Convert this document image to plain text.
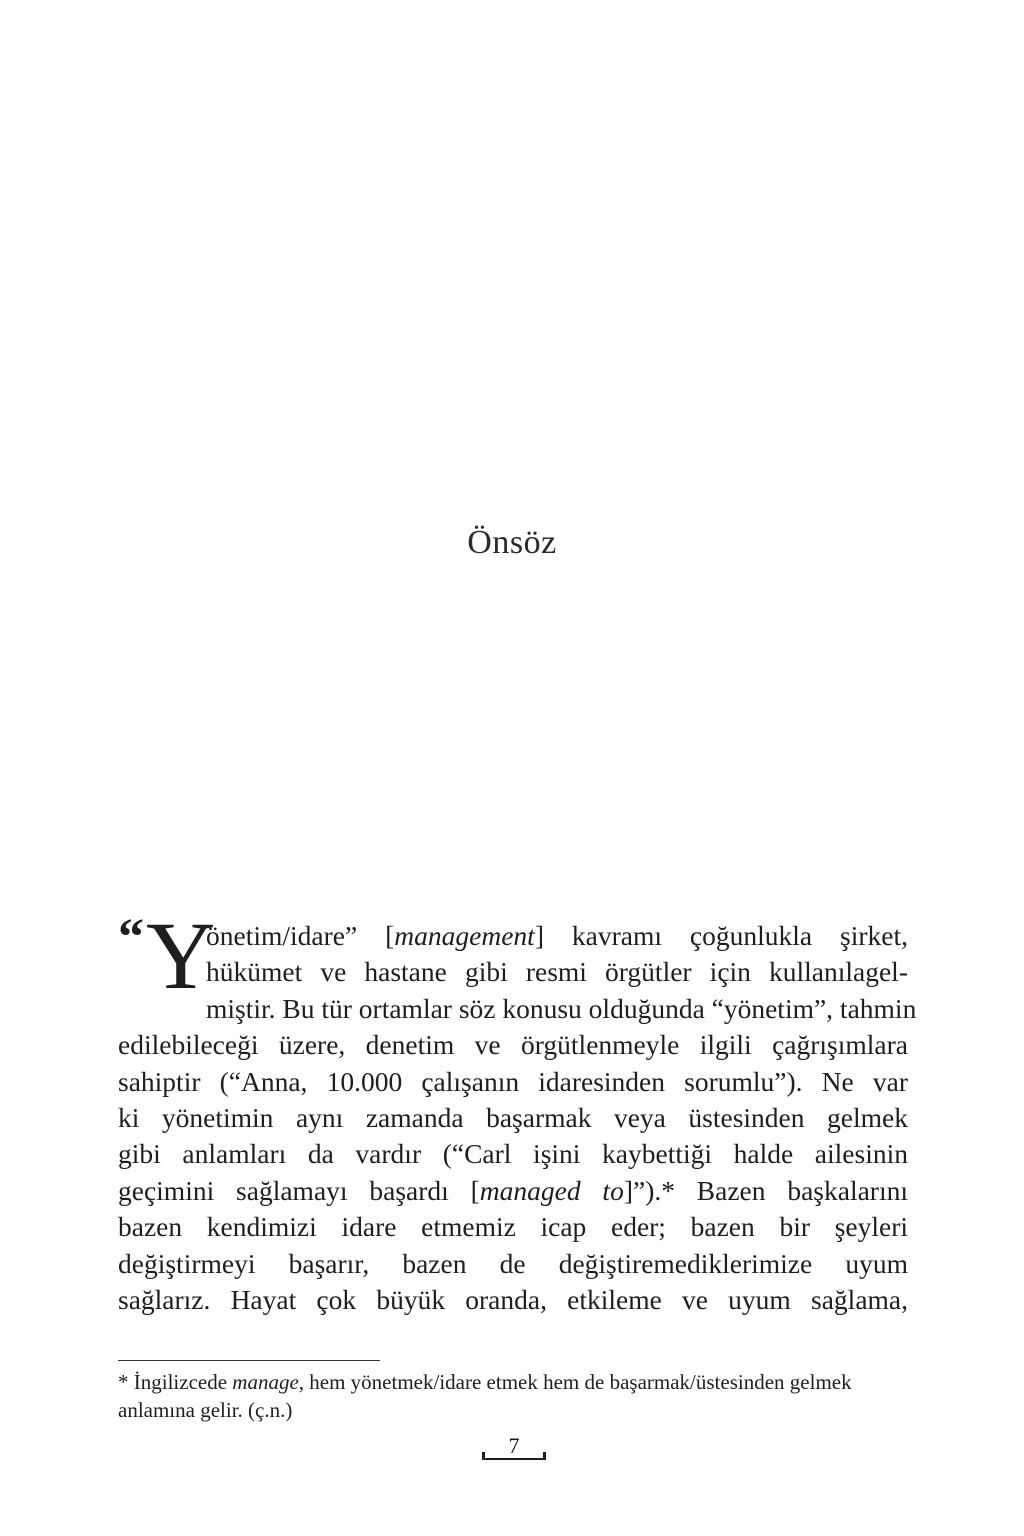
Önsöz
“ Y
önetim/idare” [management] kavramı çoğunlukla şirket,
hükümet ve hastane gibi resmi örgütler için kullanılagel-
miştir. Bu tür ortamlar söz konusu olduğunda “yönetim”, tahmin
edilebileceği üzere, denetim ve örgütlenmeyle ilgili çağrışımlara
sahiptir (“Anna, 10.000 çalışanın idaresinden sorumlu”). Ne var
ki yönetimin aynı zamanda başarmak veya üstesinden gelmek
gibi anlamları da vardır (“Carl işini kaybettiği halde ailesinin
geçimini sağlamayı başardı [managed to]”).* Bazen başkalarını
bazen kendimizi idare etmemiz icap eder; bazen bir şeyleri
değiştirmeyi başarır, bazen de değiştiremediklerimize uyum
sağlarız. Hayat çok büyük oranda, etkileme ve uyum sağlama,

* İngilizcede manage, hem yönetmek/idare etmek hem de başarmak/üstesinden gelmek anlamına gelir. (ç.n.)

7
